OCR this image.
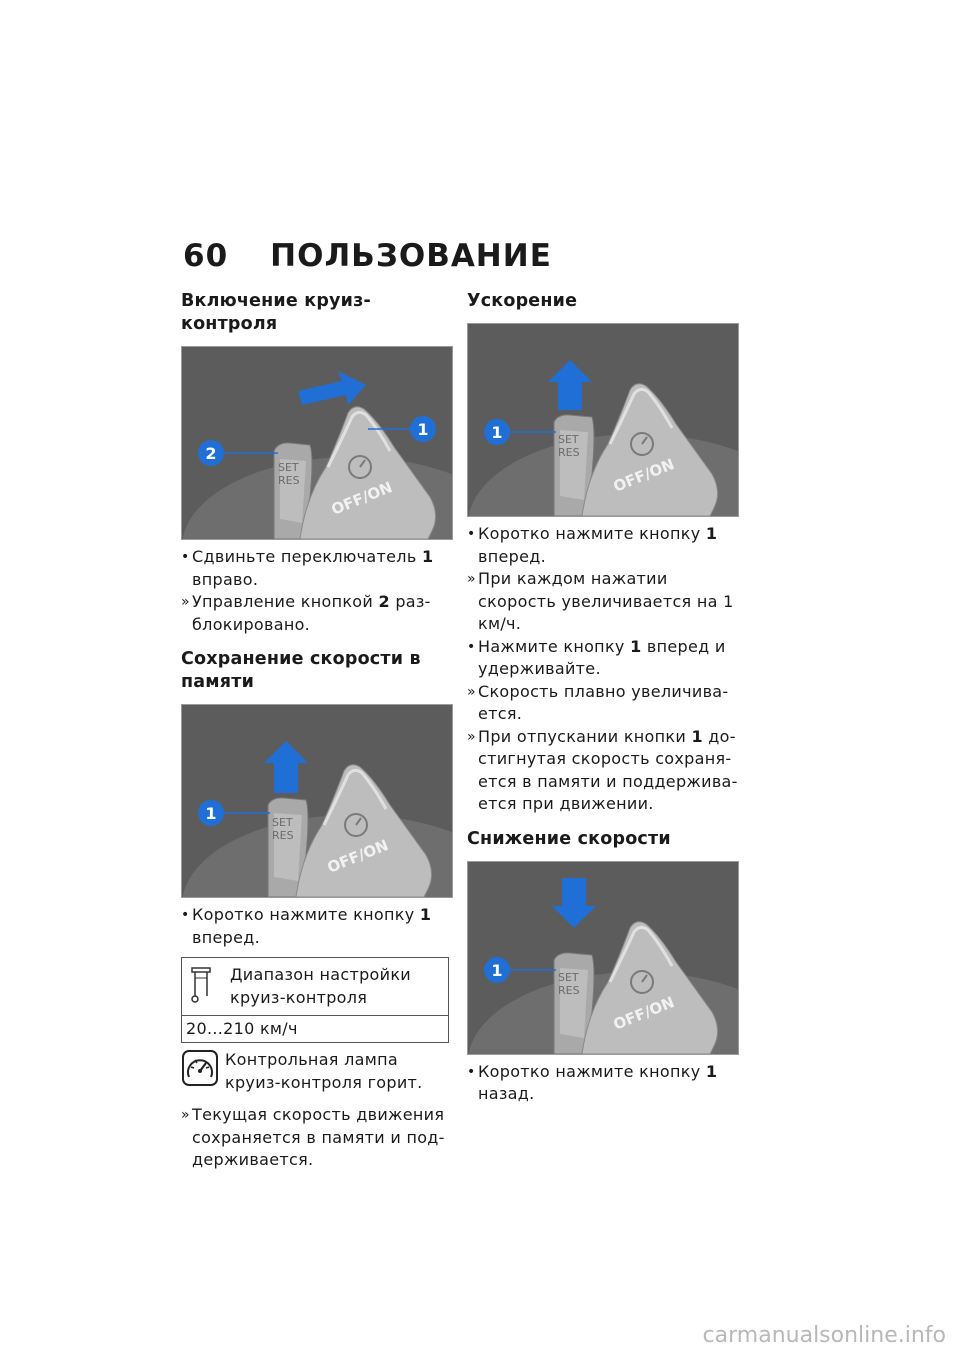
60 ПОЛЬЗОВАНИЕ
Включение круиз-контроля
SET
RES OFF/ON
1
2
• Сдвиньте переключатель 1 вправо.
» Управление кнопкой 2 раз-блокировано.
Сохранение скорости в памяти
SET
RES
OFF/ON
1
• Коротко нажмите кнопку 1 вперед.
Диапазон настройки круиз-контроля

20...210 км/ч
Контрольная лампа круиз-контроля горит.
» Текущая скорость движения сохраняется в памяти и под-держивается.
Ускорение
SET
RES
OFF/ON
1
• Коротко нажмите кнопку 1 вперед.
» При каждом нажатии скорость увеличивается на 1 км/ч.
• Нажмите кнопку 1 вперед и удерживайте.
» Скорость плавно увеличива-ется.
» При отпускании кнопки 1 до-стигнутая скорость сохраня-ется в памяти и поддержива-ется при движении.
Снижение скорости
SET
RES
OFF/ON
1
• Коротко нажмите кнопку 1 назад.
carmanualsonline.info
